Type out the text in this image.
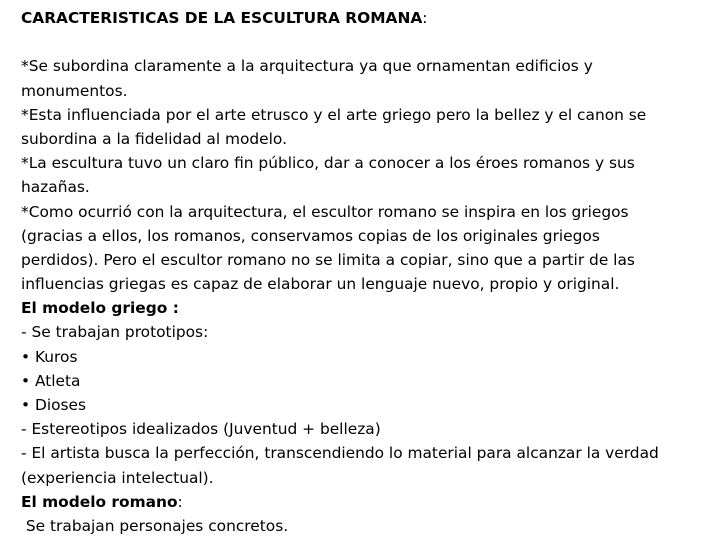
CARACTERISTICAS DE LA ESCULTURA ROMANA:
*Se subordina claramente a la arquitectura ya que ornamentan edificios y
monumentos.
*Esta influenciada por el arte etrusco y el arte griego pero la bellez y el canon se
subordina a la fidelidad al modelo.
*La escultura tuvo un claro fin público, dar a conocer a los éroes romanos y sus
hazañas.
*Como ocurrió con la arquitectura, el escultor romano se inspira en los griegos
(gracias a ellos, los romanos, conservamos copias de los originales griegos
perdidos). Pero el escultor romano no se limita a copiar, sino que a partir de las
influencias griegas es capaz de elaborar un lenguaje nuevo, propio y original.
El modelo griego :
- Se trabajan prototipos:
• Kuros
• Atleta
• Dioses
- Estereotipos idealizados (Juventud + belleza)
- El artista busca la perfección, transcendiendo lo material para alcanzar la verdad
(experiencia intelectual).
El modelo romano:
Se trabajan personajes concretos.
